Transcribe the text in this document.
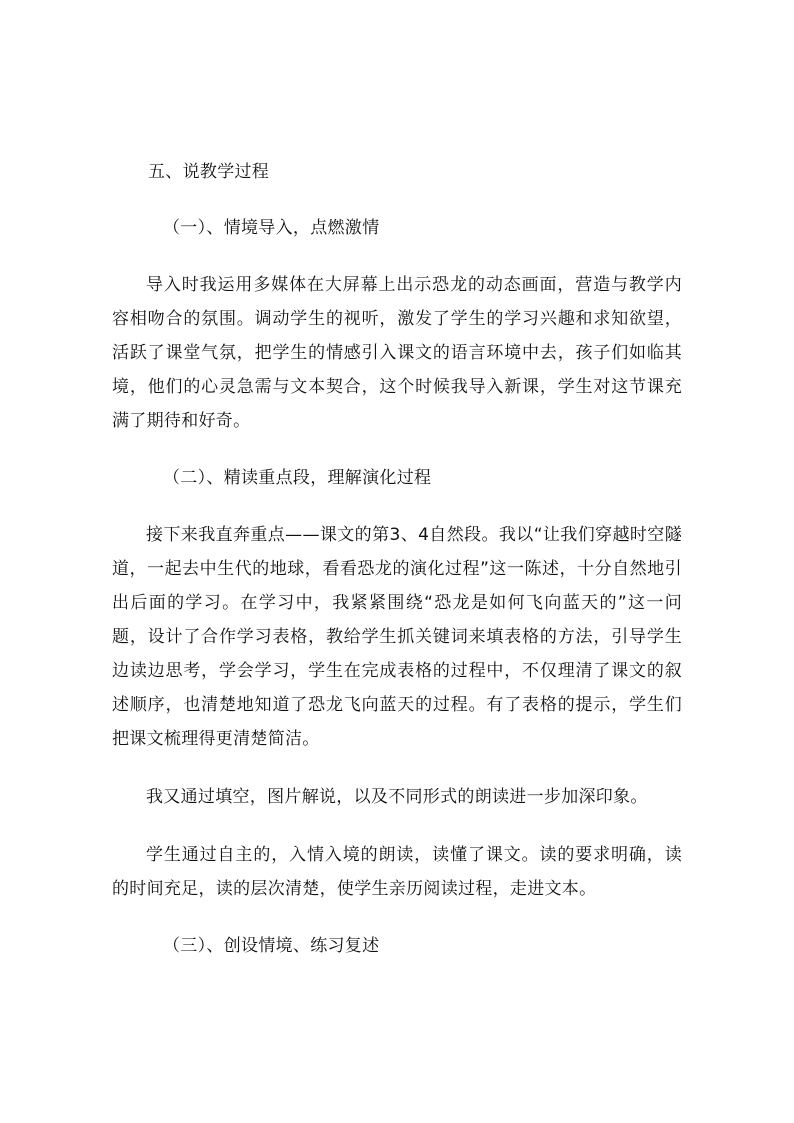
五、说教学过程
（一）、情境导入，点燃激情

导入时我运用多媒体在大屏幕上出示恐龙的动态画面，营造与教学内容相吻合的氛围。调动学生的视听，激发了学生的学习兴趣和求知欲望，活跃了课堂气氛，把学生的情感引入课文的语言环境中去，孩子们如临其境，他们的心灵急需与文本契合，这个时候我导入新课，学生对这节课充满了期待和好奇。

（二）、精读重点段，理解演化过程

接下来我直奔重点——课文的第3、4自然段。我以“让我们穿越时空隧道，一起去中生代的地球，看看恐龙的演化过程”这一陈述，十分自然地引出后面的学习。在学习中，我紧紧围绕“恐龙是如何飞向蓝天的”这一问题，设计了合作学习表格，教给学生抓关键词来填表格的方法，引导学生边读边思考，学会学习，学生在完成表格的过程中，不仅理清了课文的叙述顺序，也清楚地知道了恐龙飞向蓝天的过程。有了表格的提示，学生们把课文梳理得更清楚简洁。

我又通过填空，图片解说，以及不同形式的朗读进一步加深印象。

学生通过自主的，入情入境的朗读，读懂了课文。读的要求明确，读的时间充足，读的层次清楚，使学生亲历阅读过程，走进文本。

（三）、创设情境、练习复述
